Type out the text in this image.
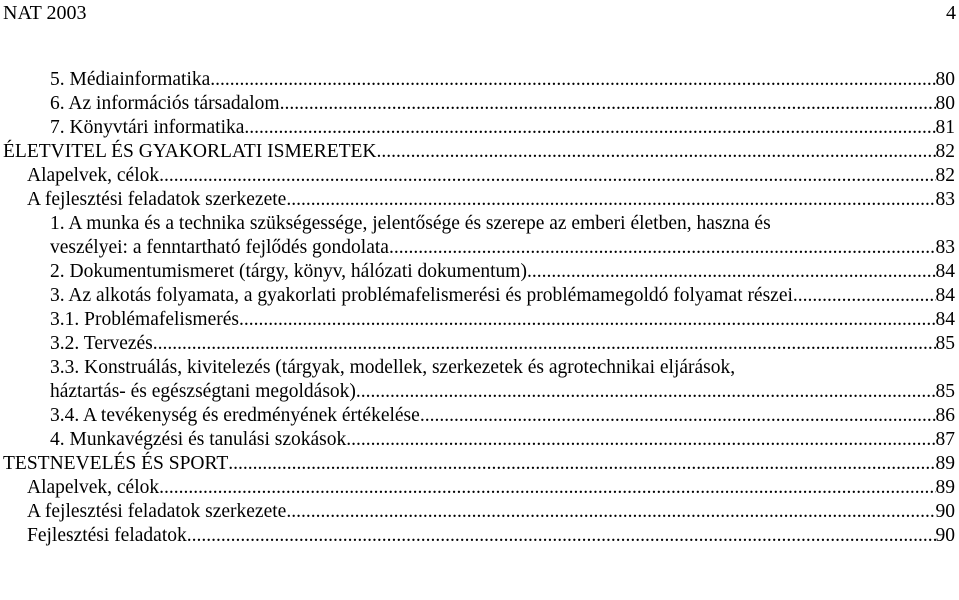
NAT 2003	4
5. Médiainformatika .....	80
6. Az információs társadalom .....	80
7. Könyvtári informatika .....	81
ÉLETVITEL ÉS GYAKORLATI ISMERETEK .....	82
Alapelvek, célok .....	82
A fejlesztési feladatok szerkezete .....	83
1. A munka és a technika szükségessége, jelentősége és szerepe az emberi életben, haszna és
veszélyei: a fenntartható fejlődés gondolata .....	83
2. Dokumentumismeret (tárgy, könyv, hálózati dokumentum) .....	84
3. Az alkotás folyamata, a gyakorlati problémafelismerési és problémamegoldó folyamat részei .....	84
3.1. Problémafelismerés .....	84
3.2. Tervezés .....	85
3.3. Konstruálás, kivitelezés (tárgyak, modellek, szerkezetek és agrotechnikai eljárások,
háztartás- és egészségtani megoldások) .....	85
3.4. A tevékenység és eredményének értékelése .....	86
4. Munkavégzési és tanulási szokások .....	87
TESTNEVELÉS ÉS SPORT .....	89
Alapelvek, célok .....	89
A fejlesztési feladatok szerkezete .....	90
Fejlesztési feladatok .....	90
